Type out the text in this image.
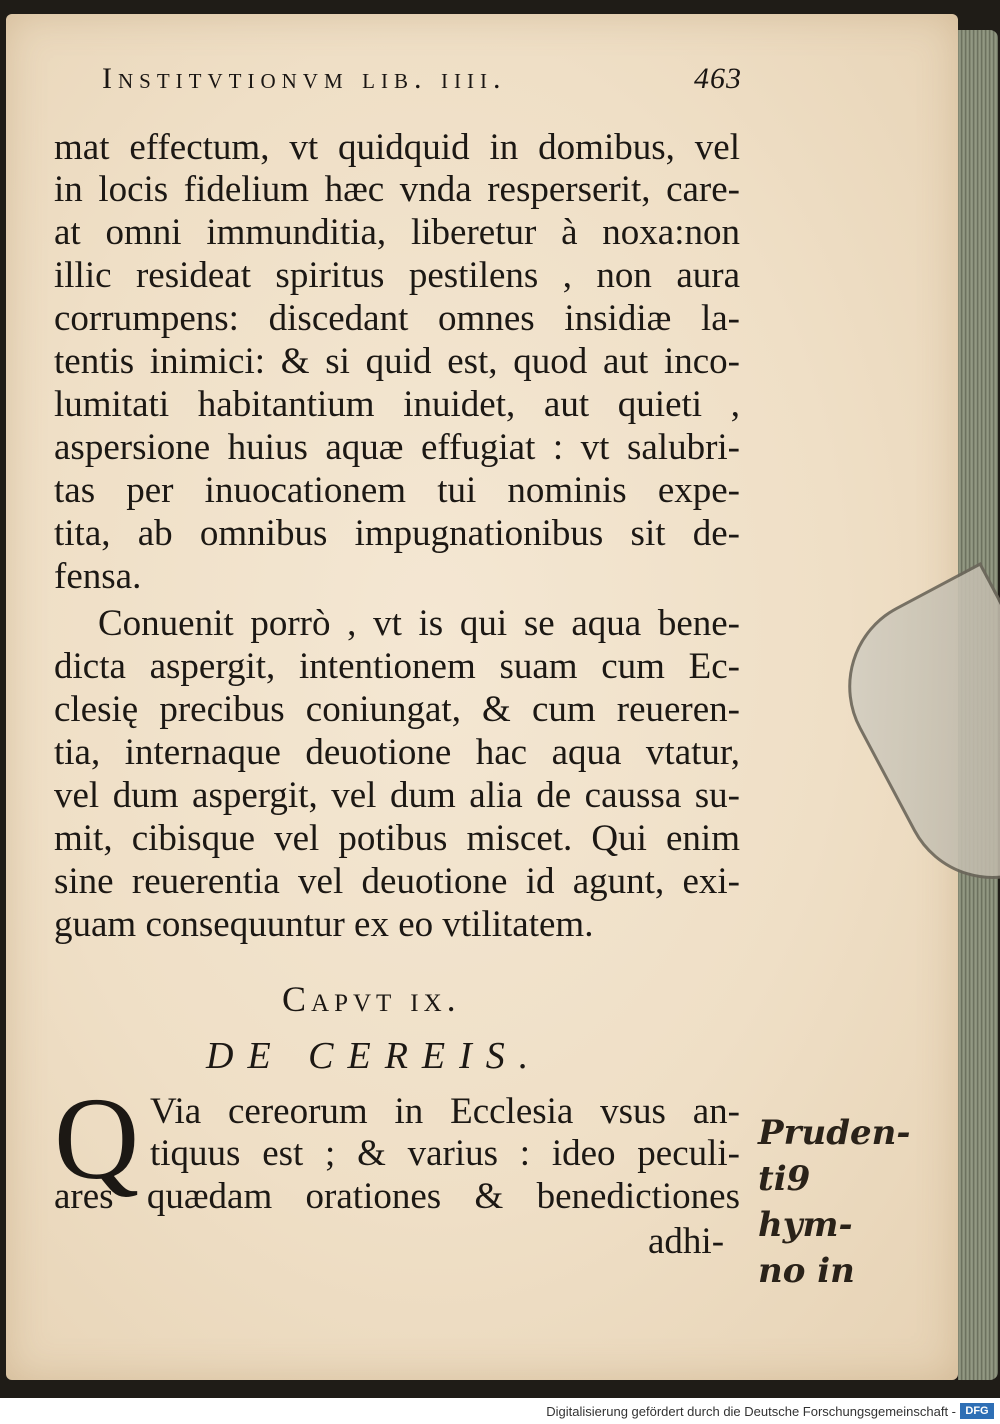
Institvtionvm lib. iiii.	463
mat effectum, vt quidquid in domibus, vel
in locis fidelium hæc vnda resperserit, care-
at omni immunditia, liberetur à noxa:non
illic resideat spiritus pestilens , non aura
corrumpens: discedant omnes insidiæ la-
tentis inimici: & si quid est, quod aut inco-
lumitati habitantium inuidet, aut quieti ,
aspersione huius aquæ effugiat : vt salubri-
tas per inuocationem tui nominis expe-
tita, ab omnibus impugnationibus sit de-
fensa.
Conuenit porrò , vt is qui se aqua bene-
dicta aspergit, intentionem suam cum Ec-
clesię precibus coniungat, & cum reueren-
tia, internaque deuotione hac aqua vtatur,
vel dum aspergit, vel dum alia de caussa su-
mit, cibisque vel potibus miscet. Qui enim
sine reuerentia vel deuotione id agunt, exi-
guam consequuntur ex eo vtilitatem.
Capvt ix.
DE CEREIS.
Q Via cereorum in Ecclesia vsus an-
tiquus est ; & varius : ideo peculi-
ares quædam orationes & benedictiones
adhi-
Pruden-
ti9 hym-
no in
Digitalisierung gefördert durch die Deutsche Forschungsgemeinschaft - DFG
